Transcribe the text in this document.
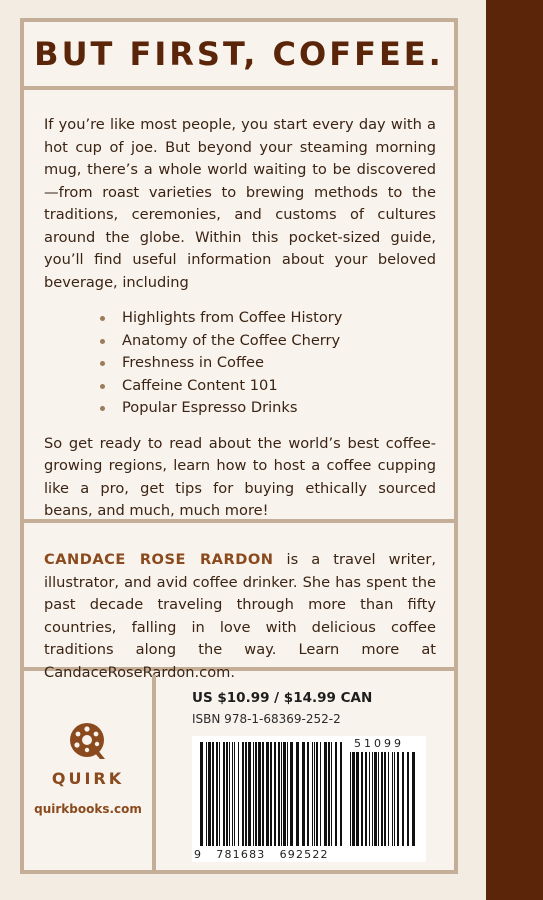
BUT FIRST, COFFEE.

If you’re like most people, you start every day with a hot cup of joe. But beyond your steaming morning mug, there’s a whole world waiting to be discovered—from roast varieties to brewing methods to the traditions, ceremonies, and customs of cultures around the globe. Within this pocket-sized guide, you’ll find useful information about your beloved beverage, including

Highlights from Coffee History
Anatomy of the Coffee Cherry
Freshness in Coffee
Caffeine Content 101
Popular Espresso Drinks

So get ready to read about the world’s best coffee-growing regions, learn how to host a coffee cupping like a pro, get tips for buying ethically sourced beans, and much, much more!

CANDACE ROSE RARDON is a travel writer, illustrator, and avid coffee drinker. She has spent the past decade traveling through more than fifty countries, falling in love with delicious coffee traditions along the way. Learn more at CandaceRoseRardon.com.

QUIRK
quirkbooks.com
US $10.99 / $14.99 CAN
ISBN 978-1-68369-252-2
51099
9   781683   692522
